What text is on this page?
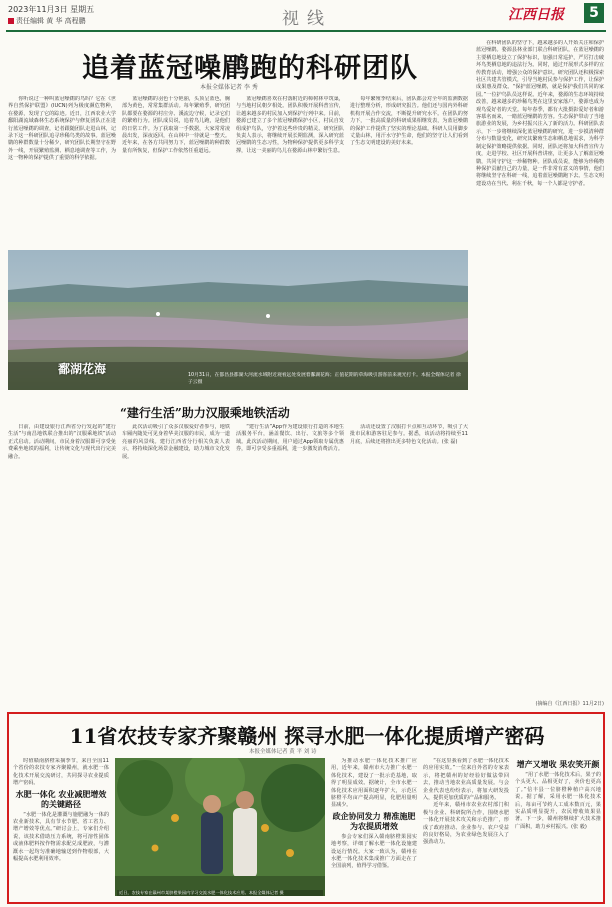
2023年11月3日 星期五
责任编辑 黄 华 高程鹏	视线	江西日报	5
追着蓝冠噪鹛跑的科研团队
本报全媒体记者 李 秀

你听说过一种叫蓝冠噪鹛的鸟吗？它在《世界自然保护联盟》(IUCN)列为极度濒危物种，在婺源，发现了它的踪迹。近日，江西农业大学鄱阳湖流域森林生态系统保护与修复团队正在进行蓝冠噪鹛的调查，记者跟随团队走进山林，记录下这一科研团队追寻珍稀鸟类的故事。蓝冠噪鹛的种群数量十分稀少，研究团队长期坚守在野外一线，开展繁殖监测、栖息地调查等工作，为这一物种的保护提供了重要的科学依据。

蓝冠噪鹛的羽色十分艳丽，头顶呈蓝色，胸部为黄色，常常集群活动。每年繁殖季，研究团队都要在婺源的村庄旁、溪流边守候，记录它们的繁殖行为。团队成员说，追着鸟儿跑，是他们的日常工作。为了获取第一手数据，大家常常凌晨出发，深夜返回，在山林中一待就是一整天。近年来，在各方共同努力下，蓝冠噪鹛的种群数量有所恢复，但保护工作依然任重道远。

蓝冠噪鹛喜欢在村落附近的樟树林中筑巢，与当地村民朝夕相处。团队积极开展科普宣传，让越来越多的村民加入到保护行列中来。目前，婺源已建立了多个蓝冠噪鹛保护小区，村民自发组成护鸟队，守护着这些珍贵的精灵。研究团队负责人表示，将继续开展长期监测，深入研究蓝冠噪鹛的生态习性，为物种保护提供更多科学支撑，让这一美丽的鸟儿在婺源山林中繁衍生息。

每年繁殖季结束后，团队都会对全年的监测数据进行整理分析，形成研究报告。他们还与国内外科研机构开展合作交流，不断提升研究水平。在团队的努力下，一批高质量的科研成果相继发表，为蓝冠噪鹛的保护工作提供了坚实的理论基础。科研人员用脚步丈量山林，用汗水守护生命，他们的坚守让人们看到了生态文明建设的美好未来。

鄱湖花海	10月31日，在都昌县都湖大河流水域附近观看远处发展着鄱湖花海；正值花期的草海吸引游客前来观光打卡。本报全媒体记者 徐子云摄
“建行生活”助力汉服乘地铁活动

日前，由建设银行江西省分行发起的“建行生活”与南昌地铁联合推出的“汉服乘地铁”活动正式启动。活动期间，市民身着汉服即可享受免费乘坐地铁的福利，让传统文化与现代出行完美融合。

此次活动吸引了众多汉服爱好者参与，地铁车厢内随处可见身着华美汉服的市民，成为一道亮丽的风景线。建行江西省分行相关负责人表示，将持续深化场景金融建设，助力城市文化发展。

“建行生活”App作为建设银行打造的本地生活服务平台，涵盖餐饮、出行、文旅等多个领域。此次活动期间，用户通过App领取专属优惠券，即可享受多重福利，进一步激发消费活力。

活动还设置了汉服打卡点和互动环节，吸引了大批市民和游客驻足参与。据悉，该活动将持续至11月底，后续还将推出更多特色文化活动。(张 磊)

在科研团队的坚守下，越来越多的人开始关注和保护蓝冠噪鹛。婺源县林业部门联合科研团队，在蓝冠噪鹛的主要栖息地设立了保护标识，加强日常巡护，严厉打击破坏鸟类栖息地的违法行为。同时，通过开展形式多样的宣传教育活动，增强公众的保护意识。研究团队还积极探索社区共建共管模式，引导当地村民参与保护工作，让保护成果惠及群众。“保护蓝冠噪鹛，就是保护我们共同的家园。”一位护鸟队员这样说。近年来，婺源的生态环境持续改善，越来越多的珍稀鸟类在这里安家落户，婺源也成为观鸟爱好者的天堂。每年春季，都有大批摄影爱好者和游客慕名而来，一睹蓝冠噪鹛的芳容。生态保护带动了当地旅游业的发展，为乡村振兴注入了新的活力。科研团队表示，下一步将继续深化蓝冠噪鹛的研究，进一步摸清种群分布与数量变化，研究其繁殖生态和栖息地需求，为科学制定保护策略提供依据。同时，团队还将加大科普宣传力度，走进学校、社区开展科普讲座，让更多人了解蓝冠噪鹛，共同守护这一珍稀物种。团队成员说，能够为珍稀物种保护贡献自己的力量，是一件非常有意义的事情，他们将继续坚守在科研一线，追着蓝冠噪鹛跑下去。生态文明建设功在当代、利在千秋，每一个人都是守护者。

(摘编自《江西日报》11月2日)
11省农技专家齐聚赣州 探寻水肥一体化提质增产密码
本报全媒体记者 黄 平 刘 诗

时值赣南脐橙采摘季节，来自全国11个省份的农技专家齐聚赣州，就水肥一体化技术开展交流研讨，共同探寻农业提质增产密码。

水肥一体化 农业减肥增效的关键路径

“水肥一体化是灌溉与施肥融为一体的农业新技术，具有节水节肥、省工省力、增产增效等优点。”研讨会上，专家们介绍说，该技术借助压力系统，将可溶性固体或液体肥料按作物需求配兑成肥液，与灌溉水一起均匀准确地输送到作物根部，大幅提高水肥利用效率。

近日，农技专家在赣州市某脐橙果园内学习交流水肥一体化技术应用。本报全媒体记者 摄

为推动水肥一体化技术推广应用，近年来，赣州市大力推广水肥一体化技术，建设了一批示范基地，取得了明显成效。据统计，全市水肥一体化技术应用面积逐年扩大，示范区脐橙平均亩产提高明显，化肥用量明显减少。

政企协同发力 精准施肥为农提质增效

参会专家们深入赣南脐橙果园实地考察，详细了解水肥一体化设施建设运行情况。大家一致认为，赣州在水肥一体化技术集成推广方面走在了全国前列，值得学习借鉴。

“在这里我看到了水肥一体化技术的应用实效。”一位来自外省的专家表示，将把赣州的好经验好做法带回去，推动当地农业高质量发展。与会企业代表也纷纷表示，将加大研发投入，提供更加优质的产品和服务。

近年来，赣州市农业农村部门积极与企业、科研院所合作，围绕水肥一体化开展技术攻关和示范推广，形成了政府推动、企业参与、农户受益的良好格局，为农业绿色发展注入了强劲动力。

增产又增收 果农笑开颜

“用了水肥一体化技术后，果子的个头更大、品相更好了，卖价也更高了。”信丰县一位脐橙种植户高兴地说。据了解，采用水肥一体化技术后，每亩可节约人工成本数百元，果实品质明显提升，农民增收效果显著。下一步，赣州将继续扩大技术推广面积，助力乡村振兴。(张 毅)
